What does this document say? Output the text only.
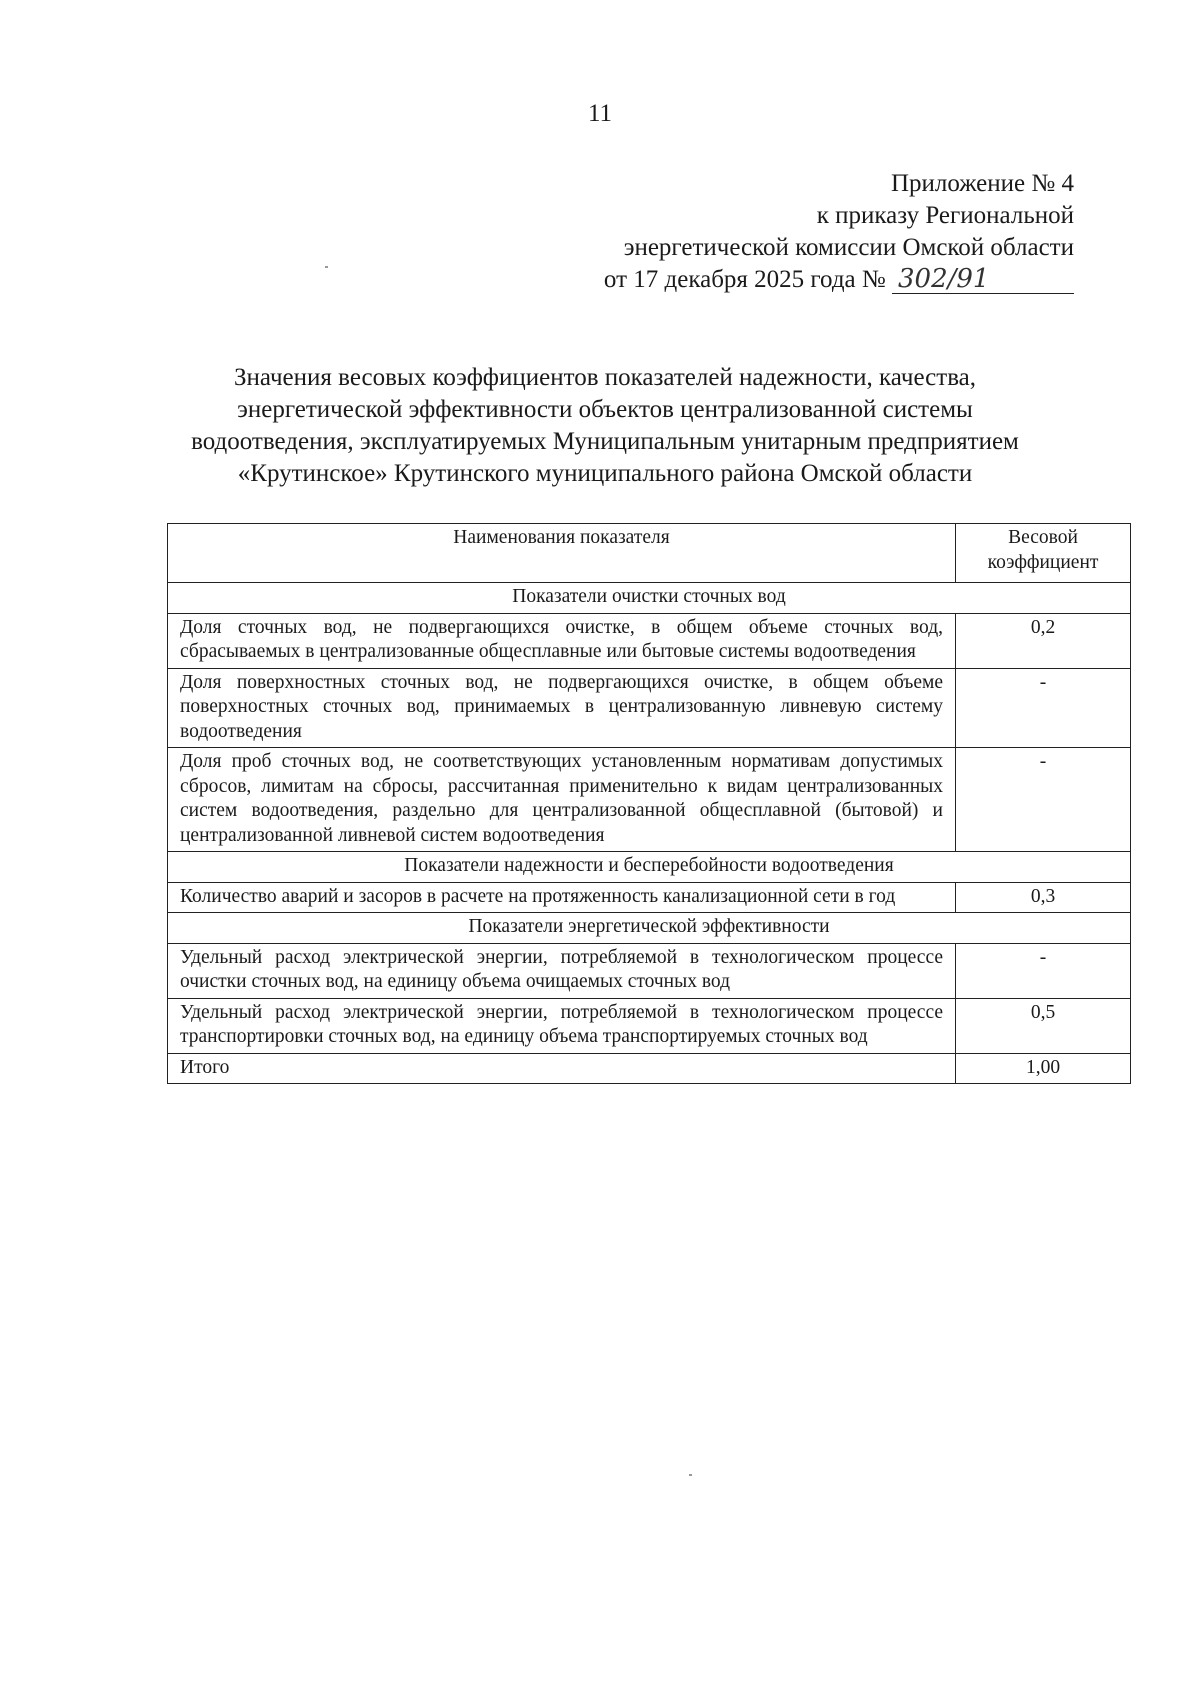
11
Приложение № 4
к приказу Региональной
энергетической комиссии Омской области
от 17 декабря 2025 года № 302/91
Значения весовых коэффициентов показателей надежности, качества,
энергетической эффективности объектов централизованной системы
водоотведения, эксплуатируемых Муниципальным унитарным предприятием
«Крутинское» Крутинского муниципального района Омской области
Наименования показателя	Весовой коэффициент
Показатели очистки сточных вод	
Доля сточных вод, не подвергающихся очистке, в общем объеме сточных вод, сбрасываемых в централизованные общесплавные или бытовые системы водоотведения	0,2
Доля поверхностных сточных вод, не подвергающихся очистке, в общем объеме поверхностных сточных вод, принимаемых в централизованную ливневую систему водоотведения	-
Доля проб сточных вод, не соответствующих установленным нормативам допустимых сбросов, лимитам на сбросы, рассчитанная применительно к видам централизованных систем водоотведения, раздельно для централизованной общесплавной (бытовой) и централизованной ливневой систем водоотведения	-
Показатели надежности и бесперебойности водоотведения	
Количество аварий и засоров в расчете на протяженность канализационной сети в год	0,3
Показатели энергетической эффективности	
Удельный расход электрической энергии, потребляемой в технологическом процессе очистки сточных вод, на единицу объема очищаемых сточных вод	-
Удельный расход электрической энергии, потребляемой в технологическом процессе транспортировки сточных вод, на единицу объема транспортируемых сточных вод	0,5
Итого	1,00
